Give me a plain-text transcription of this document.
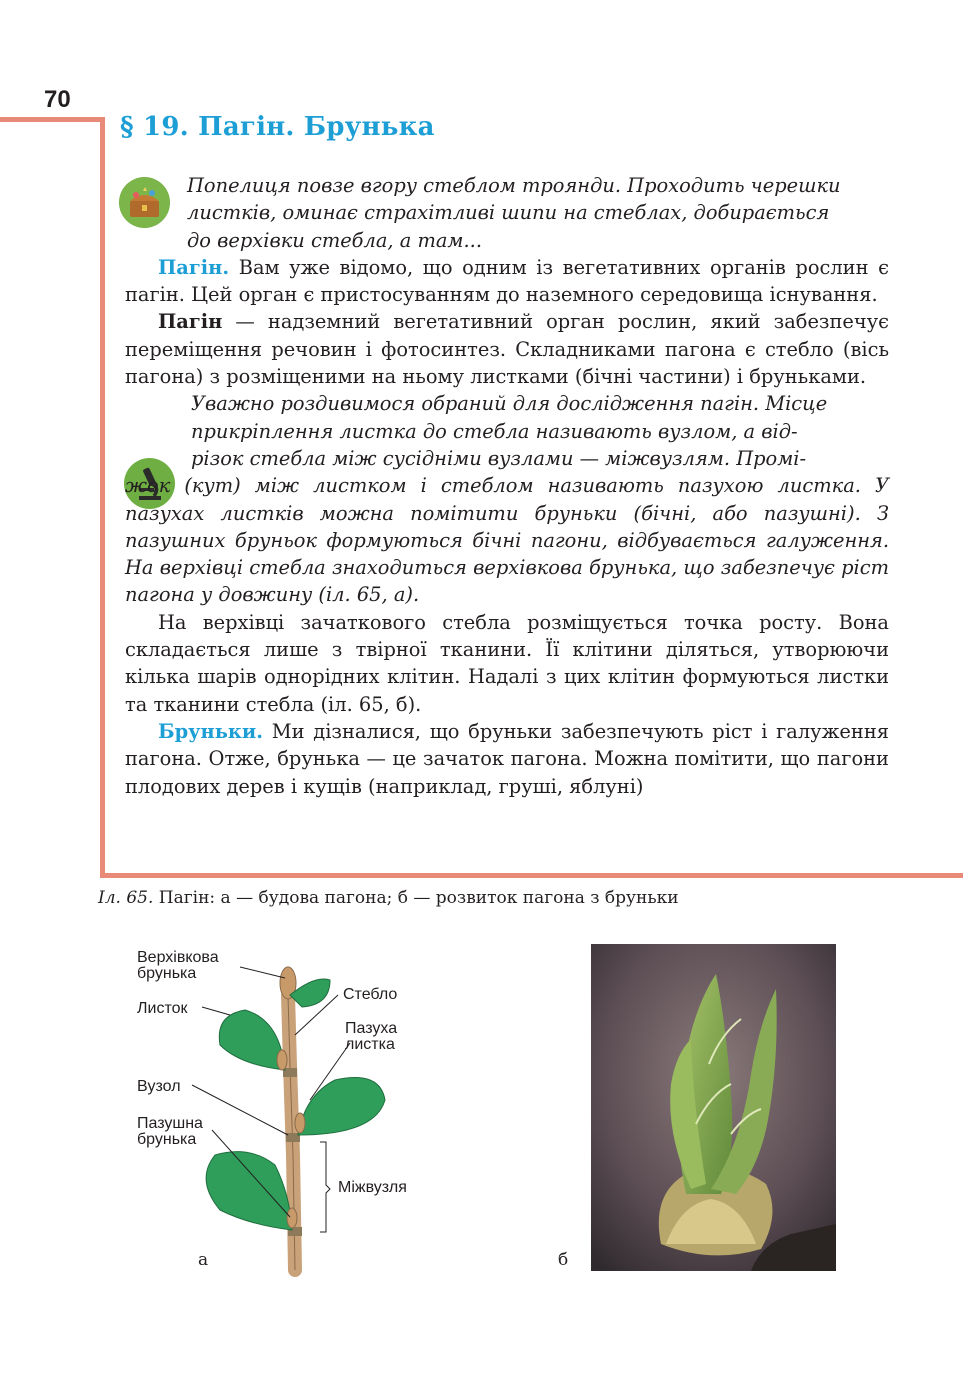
70
§ 19. Пагін. Брунька

Попелиця повзе вгору стеблом троянди. Проходить черешки

листків, оминає страхітливі шипи на стеблах, добирається

до верхівки стебла, а там...

Пагін. Вам уже відомо, що одним із вегетативних органів рослин є пагін. Цей орган є пристосуванням до наземного середовища існування.

Пагін — надземний вегетативний орган рослин, який забезпечує переміщення речовин і фотосинтез. Складниками пагона є стебло (вісь пагона) з розміщеними на ньому листками (бічні частини) і бруньками.

Уважно роздивимося обраний для дослідження пагін. Місце

прикріплення листка до стебла називають вузлом, а від-

різок стебла між сусідніми вузлами — міжвузлям. Промі-

жок (кут) між листком і стеблом називають пазухою листка. У пазухах листків можна помітити бруньки (бічні, або пазушні). З пазушних бруньок формуються бічні пагони, відбувається галуження. На верхівці стебла знаходиться верхівкова брунька, що забезпечує ріст пагона у довжину (іл. 65, а).

На верхівці зачаткового стебла розміщується точка росту. Вона складається лише з твірної тканини. Її клітини діляться, утворюючи кілька шарів однорідних клітин. Надалі з цих клітин формуються листки та тканини стебла (іл. 65, б).

Бруньки. Ми дізналися, що бруньки забезпечують ріст і галуження пагона. Отже, брунька — це зачаток пагона. Можна помітити, що пагони плодових дерев і кущів (наприклад, груші, яблуні)

Іл. 65. Пагін: а — будова пагона; б — розвиток пагона з бруньки
Верхівкова
брунька
Стебло
Листок
Пазуха
листка
Вузол
Пазушна
брунька
Міжвузля
а	б
